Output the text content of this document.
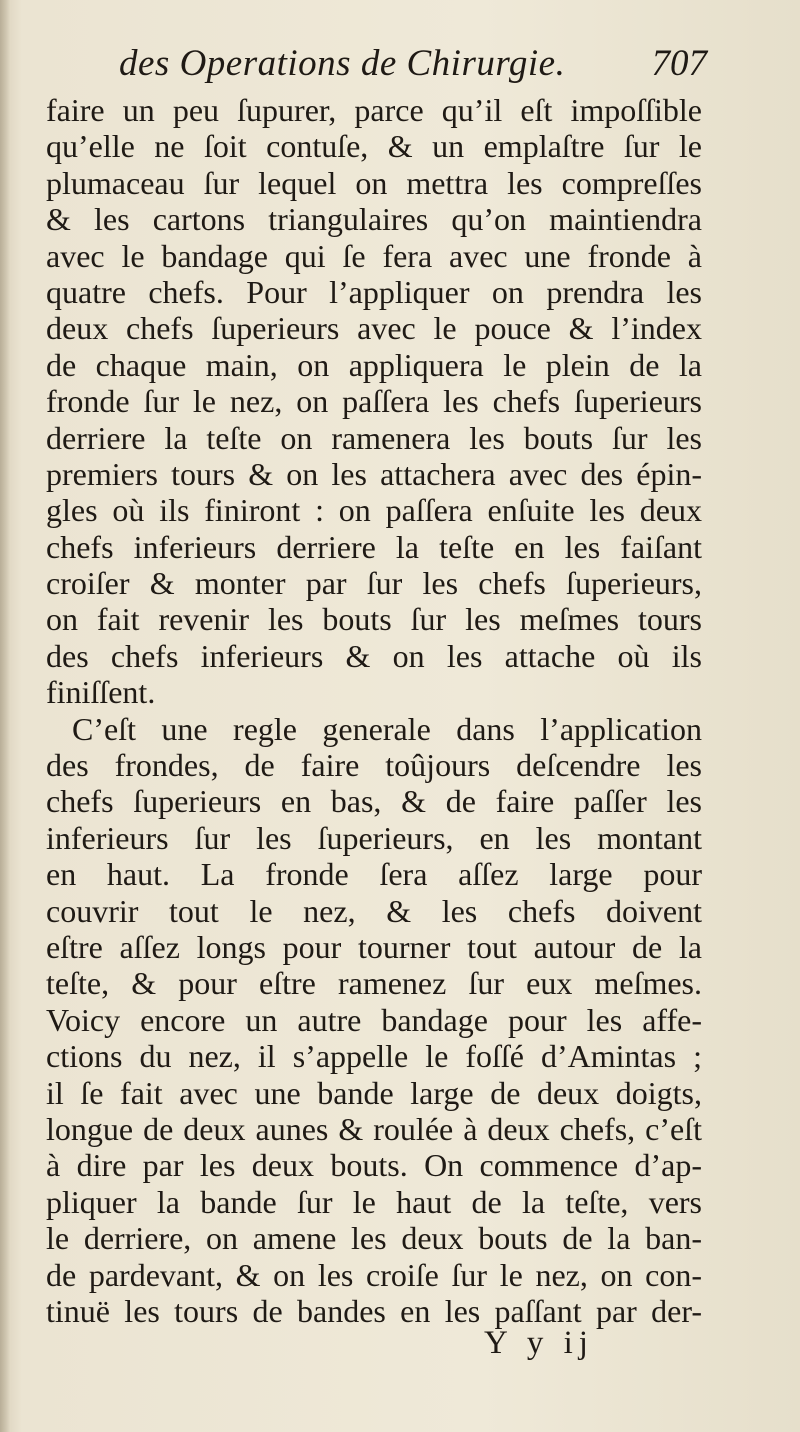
des Operations de Chirurgie. 707
faire un peu ſupurer, parce qu’il eſt impoſſible
qu’elle ne ſoit contuſe, & un emplaſtre ſur le
plumaceau ſur lequel on mettra les compreſſes
& les cartons triangulaires qu’on maintiendra
avec le bandage qui ſe fera avec une fronde à
quatre chefs. Pour l’appliquer on prendra les
deux chefs ſuperieurs avec le pouce & l’index
de chaque main, on appliquera le plein de la
fronde ſur le nez, on paſſera les chefs ſuperieurs
derriere la teſte on ramenera les bouts ſur les
premiers tours & on les attachera avec des épin-
gles où ils finiront : on paſſera enſuite les deux
chefs inferieurs derriere la teſte en les faiſant
croiſer & monter par ſur les chefs ſuperieurs,
on fait revenir les bouts ſur les meſmes tours
des chefs inferieurs & on les attache où ils
finiſſent.
C’eſt une regle generale dans l’application
des frondes, de faire toûjours deſcendre les
chefs ſuperieurs en bas, & de faire paſſer les
inferieurs ſur les ſuperieurs, en les montant
en haut. La fronde ſera aſſez large pour
couvrir tout le nez, & les chefs doivent
eſtre aſſez longs pour tourner tout autour de la
teſte, & pour eſtre ramenez ſur eux meſmes.
Voicy encore un autre bandage pour les affe-
ctions du nez, il s’appelle le foſſé d’Amintas ;
il ſe fait avec une bande large de deux doigts,
longue de deux aunes & roulée à deux chefs, c’eſt
à dire par les deux bouts. On commence d’ap-
pliquer la bande ſur le haut de la teſte, vers
le derriere, on amene les deux bouts de la ban-
de pardevant, & on les croiſe ſur le nez, on con-
tinuë les tours de bandes en les paſſant par der-
Y y ij
